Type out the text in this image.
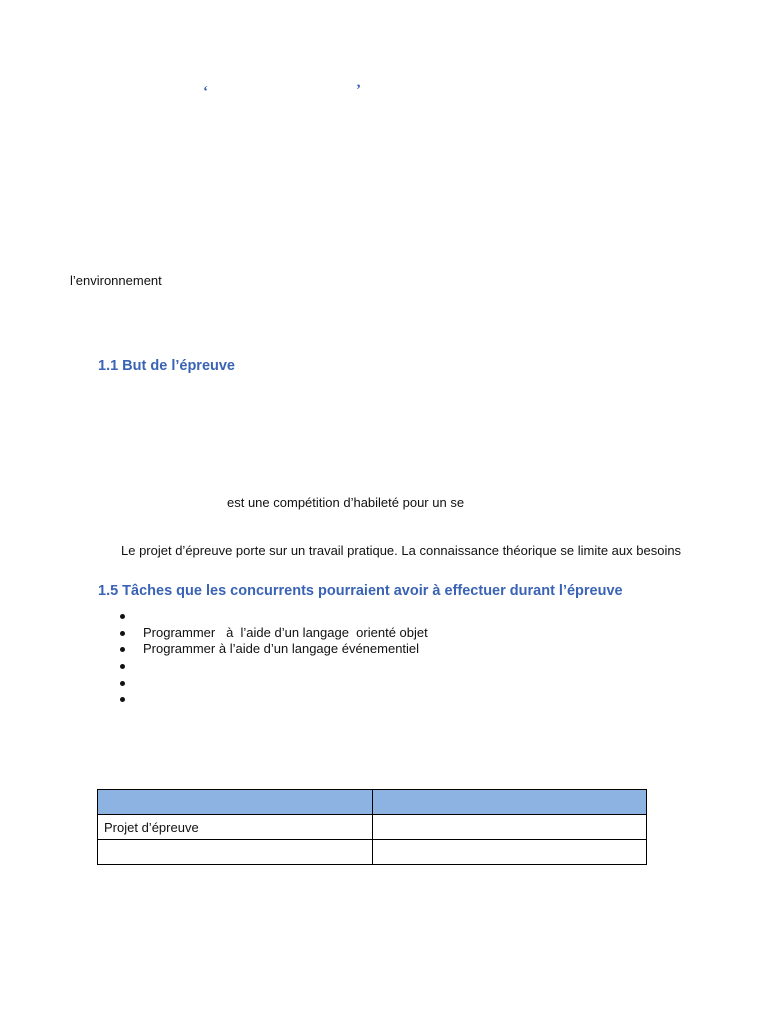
‘	’
l’environnement
1.1 But de l’épreuve
est une compétition d’habileté pour un se
Le projet d’épreuve porte sur un travail pratique. La connaissance théorique se limite aux besoins
1.5 Tâches que les concurrents pourraient avoir à effectuer durant l’épreuve
Programmer   à  l’aide d’un langage  orienté objet
Programmer à l’aide d’un langage événementiel

Projet d’épreuve	
